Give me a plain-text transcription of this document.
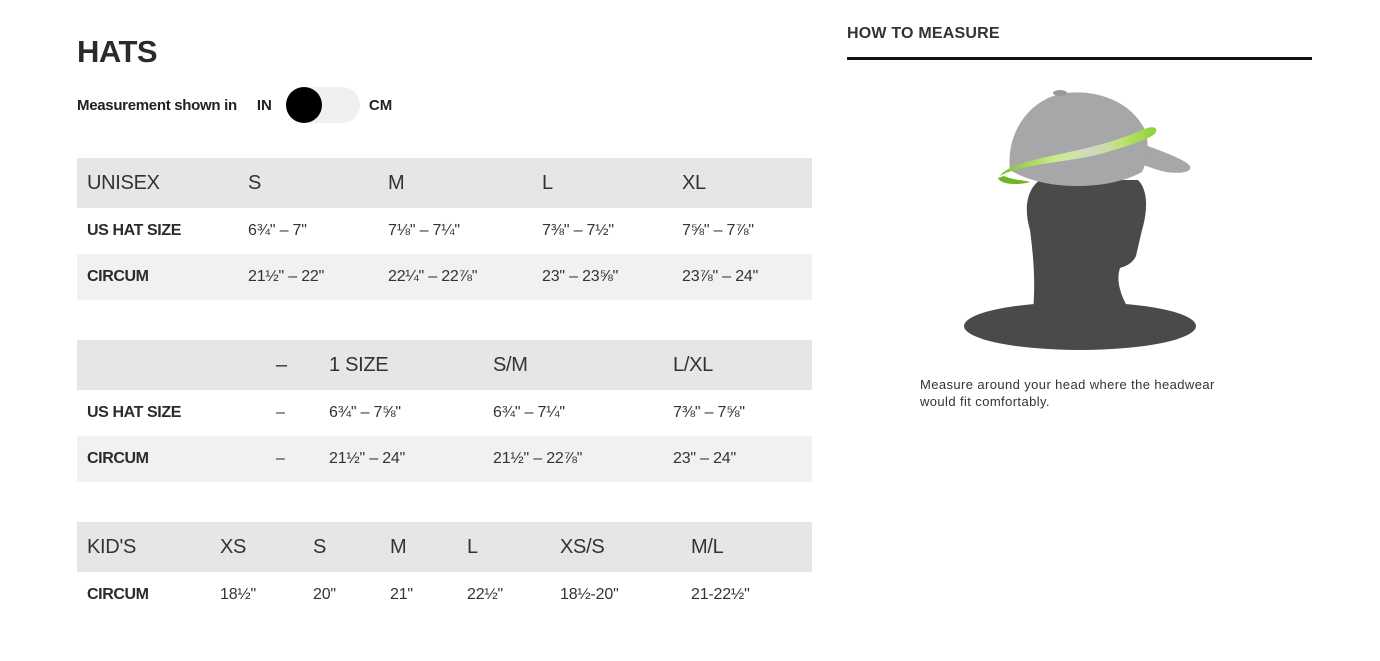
HATS
Measurement shown in IN	CM
UNISEX	S	M	L	XL
US HAT SIZE	6¾" – 7"	7⅛" – 7¼"	7⅜" – 7½"	7⅝" – 7⅞"
CIRCUM	21½" – 22"	22¼" – 22⅞"	23" – 23⅝"	23⅞" – 24"
	–	1 SIZE	S/M	L/XL
US HAT SIZE	–	6¾" – 7⅝"	6¾" – 7¼"	7⅜" – 7⅝"
CIRCUM	–	21½" – 24"	21½" – 22⅞"	23" – 24"
KID'S	XS	S	M	L	XS/S	M/L
CIRCUM	18½"	20"	21"	22½"	18½-20"	21-22½"
HOW TO MEASURE

Measure around your head where the headwear would fit comfortably.
